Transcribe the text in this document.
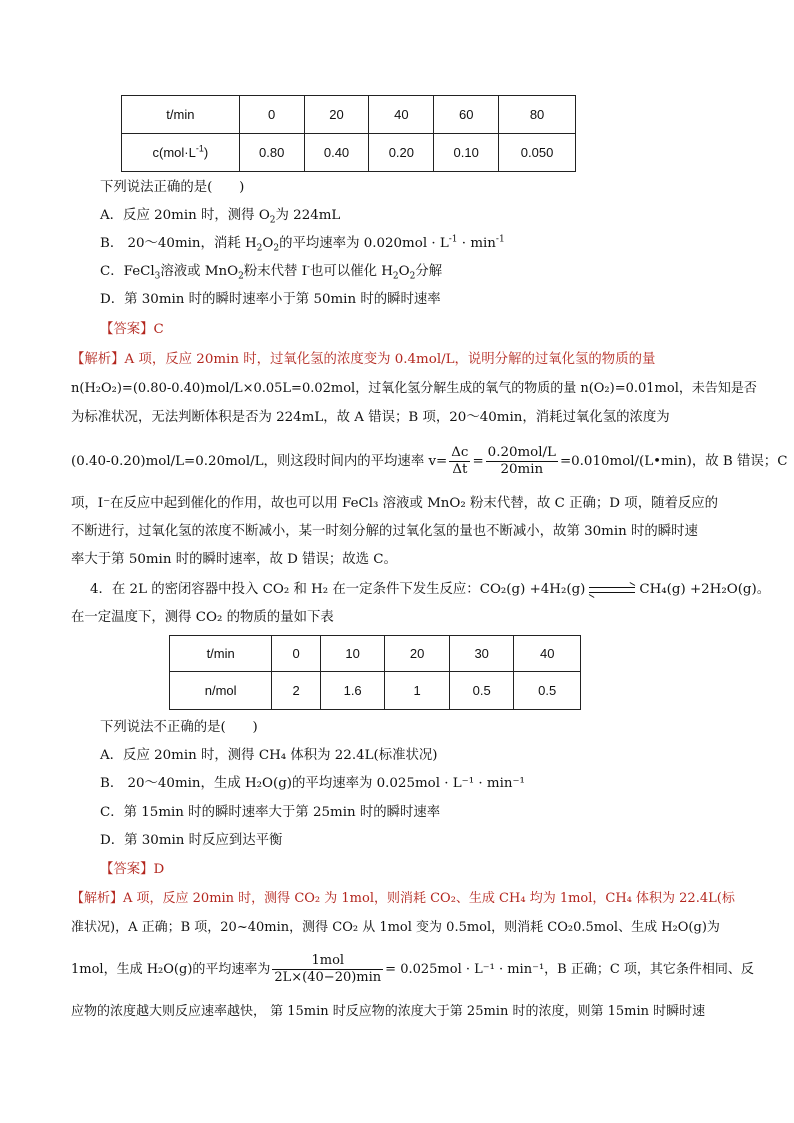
t/min	0	20	40	60	80
$c(mol\cdot L^{-1})$	0.80	0.40	0.20	0.10	0.050
下列说法正确的是(　　)
A．反应 20min 时，测得 $O_2$为 224mL
B． 20～40min，消耗 $H_2O_2$的平均速率为 $0.020mol \cdot L^{-1} \cdot \min^{-1}$
C．FeCl$_3$溶液或 MnO$_2$粉末代替 I-也可以催化 $H_2O_2$分解
D．第 30min 时的瞬时速率小于第 50min 时的瞬时速率
【答案】C
【解析】A 项，反应 20min 时，过氧化氢的浓度变为 0.4mol/L，说明分解的过氧化氢的物质的量
n(H₂O₂)=(0.80-0.40)mol/L×0.05L=0.02mol，过氧化氢分解生成的氧气的物质的量 n(O₂)=0.01mol，未告知是否
为标准状况，无法判断体积是否为 224mL，故 A 错误；B 项，20～40min，消耗过氧化氢的浓度为
(0.40-0.20)mol/L=0.20mol/L，则这段时间内的平均速率 $v= \frac{\Delta c}{\Delta t} = \frac{\text{0.20mol/L}}{20\min}$ =0.010mol/(L•min)，故 B 错误；C
项，I⁻在反应中起到催化的作用，故也可以用 FeCl₃ 溶液或 MnO₂ 粉末代替，故 C 正确；D 项，随着反应的
不断进行，过氧化氢的浓度不断减小，某一时刻分解的过氧化氢的量也不断减小，故第 30min 时的瞬时速
率大于第 50min 时的瞬时速率，故 D 错误；故选 C。
4．在 2L 的密闭容器中投入 CO₂ 和 H₂ 在一定条件下发生反应：CO₂(g) +4H₂(g) ⇌ CH₄(g) +2H₂O(g)。
在一定温度下，测得 CO₂ 的物质的量如下表
t/min	0	10	20	30	40
n/mol	2	1.6	1	0.5	0.5
下列说法不正确的是(　　)
A．反应 20min 时，测得 CH₄ 体积为 22.4L(标准状况)
B． 20～40min，生成 H₂O(g)的平均速率为 0.025mol · L⁻¹ · min⁻¹
C．第 15min 时的瞬时速率大于第 25min 时的瞬时速率
D．第 30min 时反应到达平衡
【答案】D
【解析】A 项，反应 20min 时，测得 CO₂ 为 1mol，则消耗 CO₂、生成 CH₄ 均为 1mol，CH₄ 体积为 22.4L(标
准状况)，A 正确；B 项，20~40min，测得 CO₂ 从 1mol 变为 0.5mol，则消耗 CO₂0.5mol、生成 H₂O(g)为
1mol，生成 H₂O(g)的平均速率为 $\frac{\text{1mol}}{2L\times(40-20)\min} = 0.025mol \cdot L^{-1} \cdot \min^{-1}$，B 正确；C 项，其它条件相同、反
应物的浓度越大则反应速率越快， 第 15min 时反应物的浓度大于第 25min 时的浓度，则第 15min 时瞬时速
